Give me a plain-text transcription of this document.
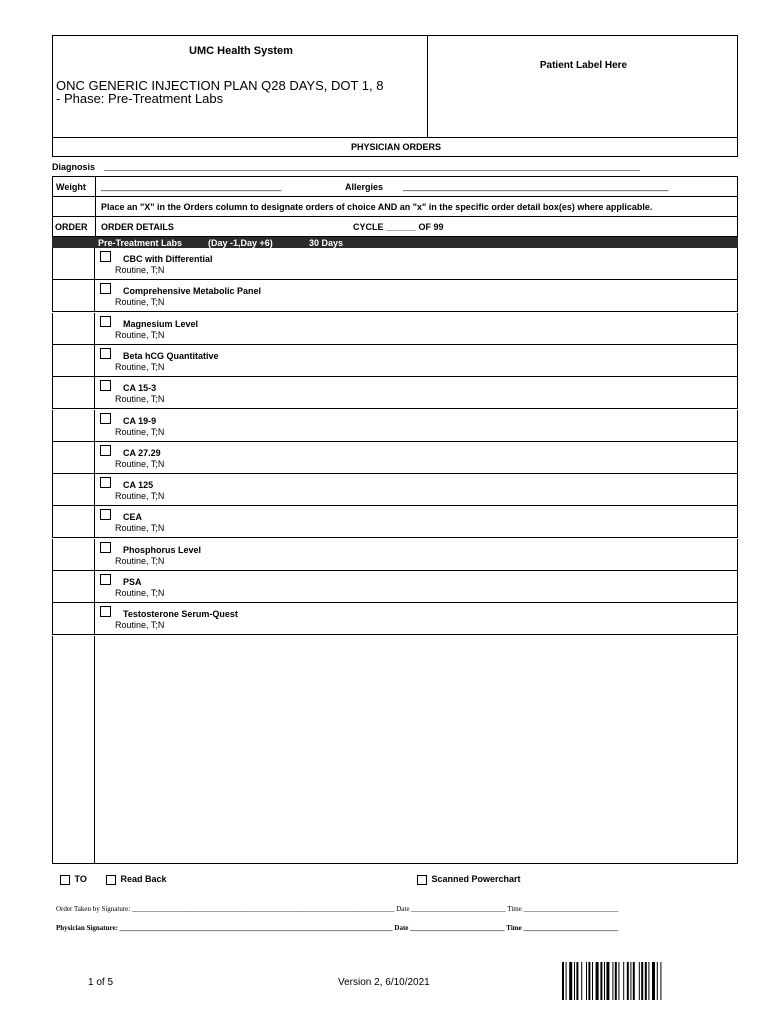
UMC Health System
ONC GENERIC INJECTION PLAN Q28 DAYS, DOT 1, 8
- Phase: Pre-Treatment Labs
Patient Label Here
PHYSICIAN ORDERS
Diagnosis ___________________________________________________________________________________________________________
Weight ____________________________________	Allergies _____________________________________________________
Place an "X" in the Orders column to designate orders of choice AND an "x" in the specific order detail box(es) where applicable.
ORDER ORDER DETAILS	CYCLE ______ OF 99
Pre-Treatment Labs	(Day -1,Day +6)	30 Days
CBC with Differential
Routine, T;N
Comprehensive Metabolic Panel
Routine, T;N
Magnesium Level
Routine, T;N
Beta hCG Quantitative
Routine, T;N
CA 15-3
Routine, T;N
CA 19-9
Routine, T;N
CA 27.29
Routine, T;N
CA 125
Routine, T;N
CEA
Routine, T;N
Phosphorus Level
Routine, T;N
PSA
Routine, T;N
Testosterone Serum-Quest
Routine, T;N
TO	Read Back	Scanned Powerchart
Order Taken by Signature: ___________________________________________________________________________ Date ___________________________ Time ___________________________
Physician Signature: ______________________________________________________________________________ Date ___________________________ Time ___________________________
1 of 5	Version 2, 6/10/2021
